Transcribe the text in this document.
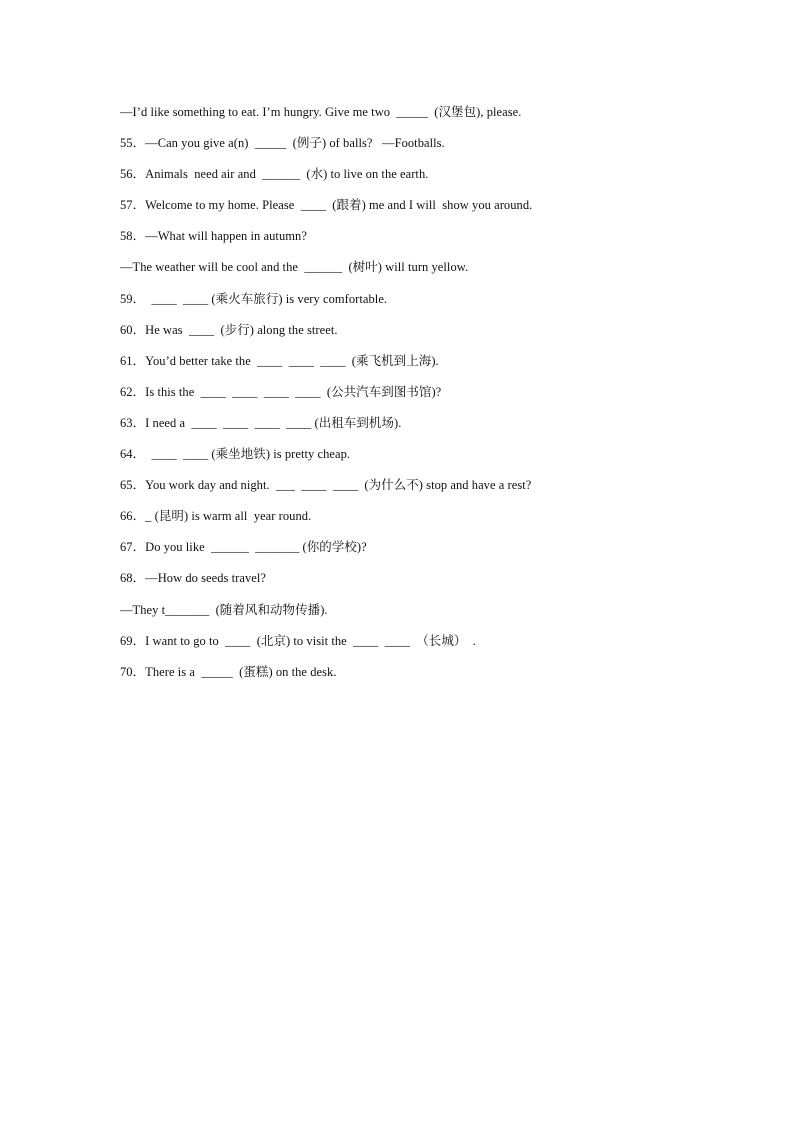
—I’d like something to eat. I’m hungry. Give me two  _____  (汉堡包), please.
55．—Can you give a(n)  _____  (例子) of balls?   —Footballs.
56．Animals  need air and  ______  (水) to live on the earth.
57．Welcome to my home. Please  ____  (跟着) me and I will  show you around.
58．—What will happen in autumn?
—The weather will be cool and the  ______  (树叶) will turn yellow.
59．  ____  ____ (乘火车旅行) is very comfortable.
60．He was  ____  (步行) along the street.
61．You’d better take the  ____  ____  ____  (乘飞机到上海).
62．Is this the  ____  ____  ____  ____  (公共汽车到图书馆)?
63．I need a  ____  ____  ____  ____ (出租车到机场).
64．  ____  ____ (乘坐地铁) is pretty cheap.
65．You work day and night.  ___  ____  ____  (为什么不) stop and have a rest?
66．_ (昆明) is warm all  year round.
67．Do you like  ______  _______ (你的学校)?
68．—How do seeds travel?
—They t_______  (随着风和动物传播).
69．I want to go to  ____  (北京) to visit the  ____  ____  （长城）  .
70．There is a  _____  (蛋糕) on the desk.
